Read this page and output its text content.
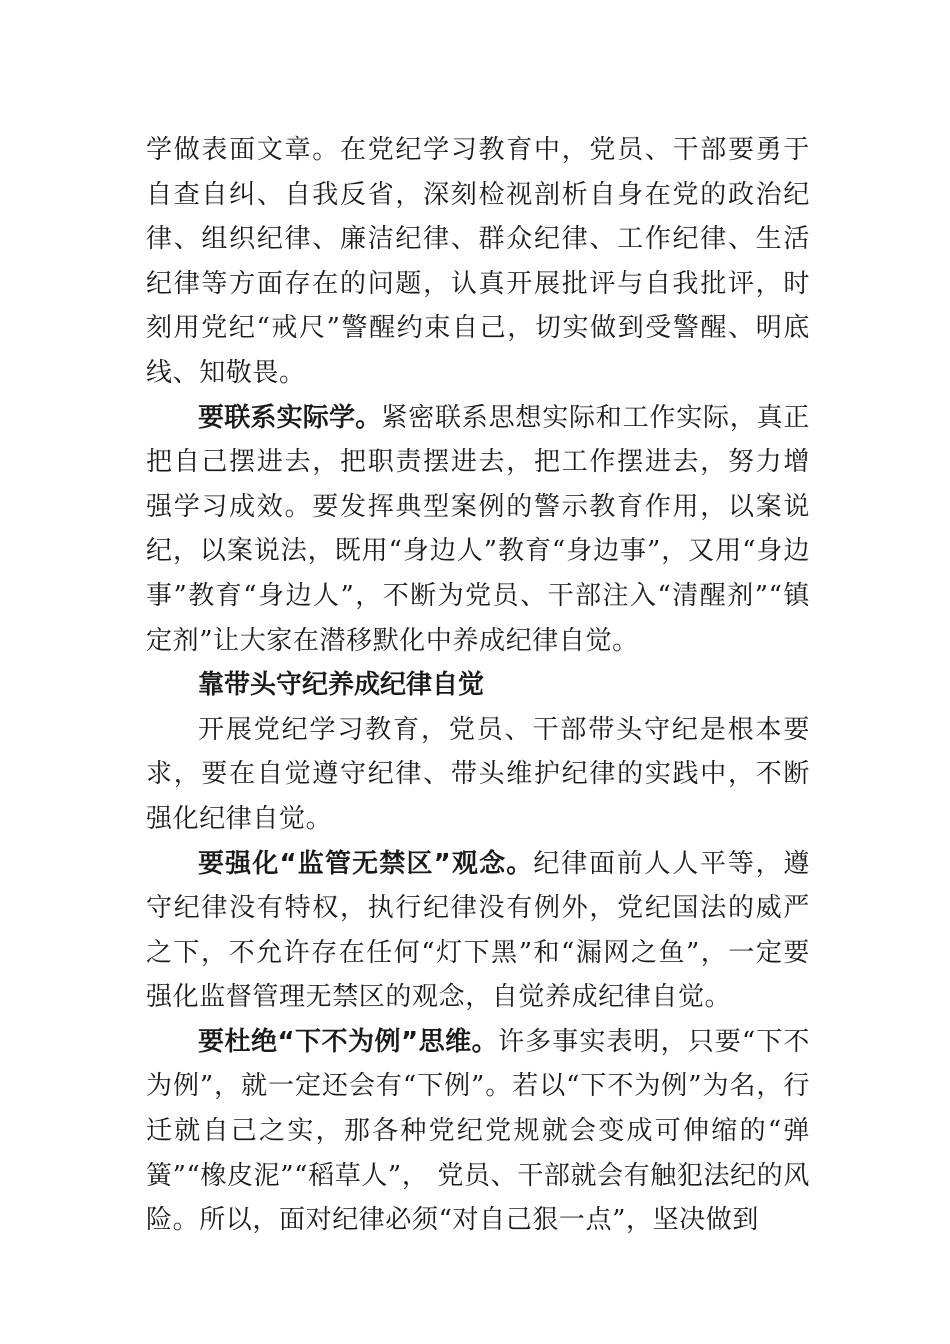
学做表面文章。在党纪学习教育中，党员、干部要勇于自查自纠、自我反省，深刻检视剖析自身在党的政治纪律、组织纪律、廉洁纪律、群众纪律、工作纪律、生活纪律等方面存在的问题，认真开展批评与自我批评，时刻用党纪“戒尺”警醒约束自己，切实做到受警醒、明底线、知敬畏。

要联系实际学。紧密联系思想实际和工作实际，真正把自己摆进去，把职责摆进去，把工作摆进去，努力增强学习成效。要发挥典型案例的警示教育作用，以案说纪，以案说法，既用“身边人”教育“身边事”，又用“身边事”教育“身边人”，不断为党员、干部注入“清醒剂”“镇定剂”让大家在潜移默化中养成纪律自觉。

靠带头守纪养成纪律自觉

开展党纪学习教育，党员、干部带头守纪是根本要求，要在自觉遵守纪律、带头维护纪律的实践中，不断强化纪律自觉。

要强化“监管无禁区”观念。纪律面前人人平等，遵守纪律没有特权，执行纪律没有例外，党纪国法的威严之下，不允许存在任何“灯下黑”和“漏网之鱼”，一定要强化监督管理无禁区的观念，自觉养成纪律自觉。

要杜绝“下不为例”思维。许多事实表明，只要“下不为例”，就一定还会有“下例”。若以“下不为例”为名，行迁就自己之实，那各种党纪党规就会变成可伸缩的“弹簧”“橡皮泥”“稻草人”， 党员、干部就会有触犯法纪的风险。所以，面对纪律必须“对自己狠一点”，坚决做到
